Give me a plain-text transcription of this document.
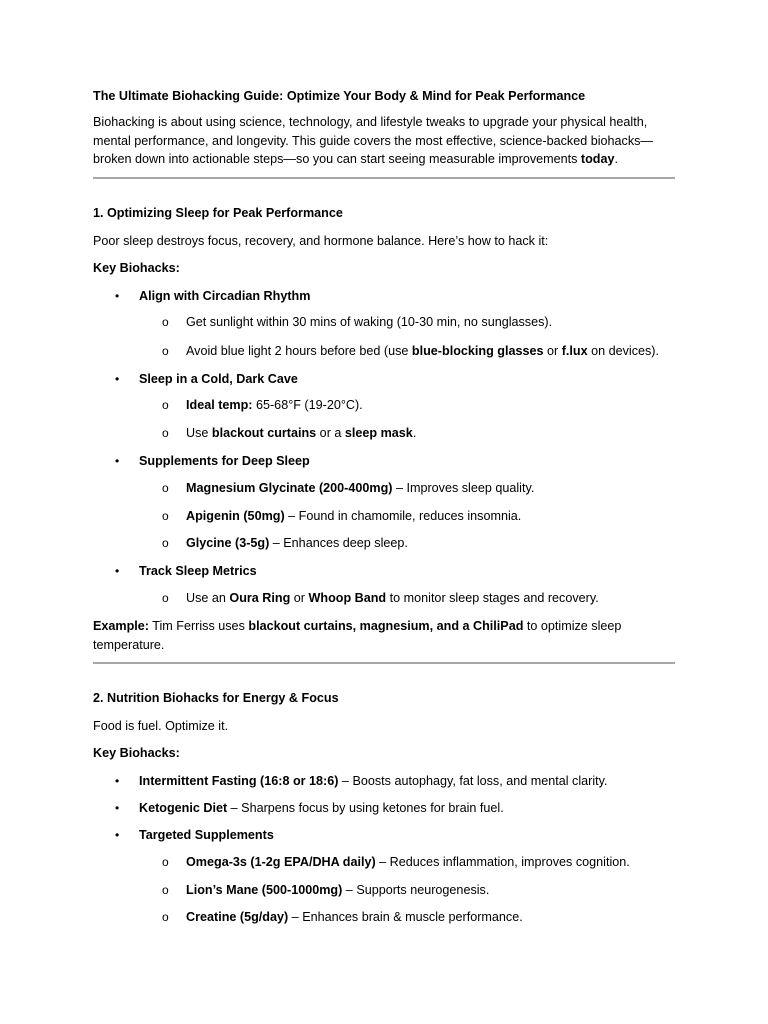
The Ultimate Biohacking Guide: Optimize Your Body & Mind for Peak Performance

Biohacking is about using science, technology, and lifestyle tweaks to upgrade your physical health, mental performance, and longevity. This guide covers the most effective, science-backed biohacks—broken down into actionable steps—so you can start seeing measurable improvements today.

1. Optimizing Sleep for Peak Performance

Poor sleep destroys focus, recovery, and hormone balance. Here’s how to hack it:

Key Biohacks:

• Align with Circadian Rhythm
o Get sunlight within 30 mins of waking (10-30 min, no sunglasses).
o Avoid blue light 2 hours before bed (use blue-blocking glasses or f.lux on devices).
• Sleep in a Cold, Dark Cave
o Ideal temp: 65-68°F (19-20°C).
o Use blackout curtains or a sleep mask.
• Supplements for Deep Sleep
o Magnesium Glycinate (200-400mg) – Improves sleep quality.
o Apigenin (50mg) – Found in chamomile, reduces insomnia.
o Glycine (3-5g) – Enhances deep sleep.
• Track Sleep Metrics
o Use an Oura Ring or Whoop Band to monitor sleep stages and recovery.

Example: Tim Ferriss uses blackout curtains, magnesium, and a ChiliPad to optimize sleep temperature.

2. Nutrition Biohacks for Energy & Focus

Food is fuel. Optimize it.

Key Biohacks:

• Intermittent Fasting (16:8 or 18:6) – Boosts autophagy, fat loss, and mental clarity.
• Ketogenic Diet – Sharpens focus by using ketones for brain fuel.
• Targeted Supplements
o Omega-3s (1-2g EPA/DHA daily) – Reduces inflammation, improves cognition.
o Lion’s Mane (500-1000mg) – Supports neurogenesis.
o Creatine (5g/day) – Enhances brain & muscle performance.
